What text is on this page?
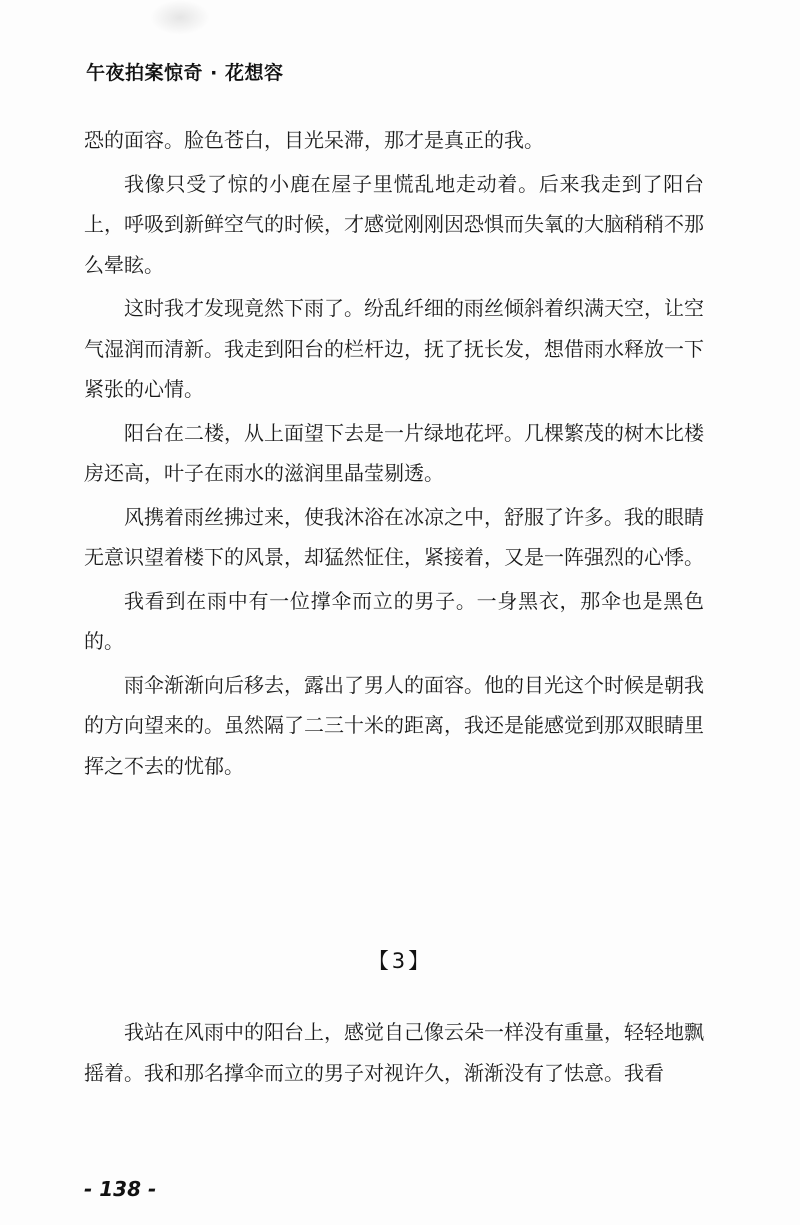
午夜拍案惊奇 · 花想容

恐的面容。脸色苍白，目光呆滞，那才是真正的我。

我像只受了惊的小鹿在屋子里慌乱地走动着。后来我走到了阳台上，呼吸到新鲜空气的时候，才感觉刚刚因恐惧而失氧的大脑稍稍不那么晕眩。

这时我才发现竟然下雨了。纷乱纤细的雨丝倾斜着织满天空，让空气湿润而清新。我走到阳台的栏杆边，抚了抚长发，想借雨水释放一下紧张的心情。

阳台在二楼，从上面望下去是一片绿地花坪。几棵繁茂的树木比楼房还高，叶子在雨水的滋润里晶莹剔透。

风携着雨丝拂过来，使我沐浴在冰凉之中，舒服了许多。我的眼睛无意识望着楼下的风景，却猛然怔住，紧接着，又是一阵强烈的心悸。

我看到在雨中有一位撑伞而立的男子。一身黑衣，那伞也是黑色的。

雨伞渐渐向后移去，露出了男人的面容。他的目光这个时候是朝我的方向望来的。虽然隔了二三十米的距离，我还是能感觉到那双眼睛里挥之不去的忧郁。

【3】

我站在风雨中的阳台上，感觉自己像云朵一样没有重量，轻轻地飘摇着。我和那名撑伞而立的男子对视许久，渐渐没有了怯意。我看

- 138 -
